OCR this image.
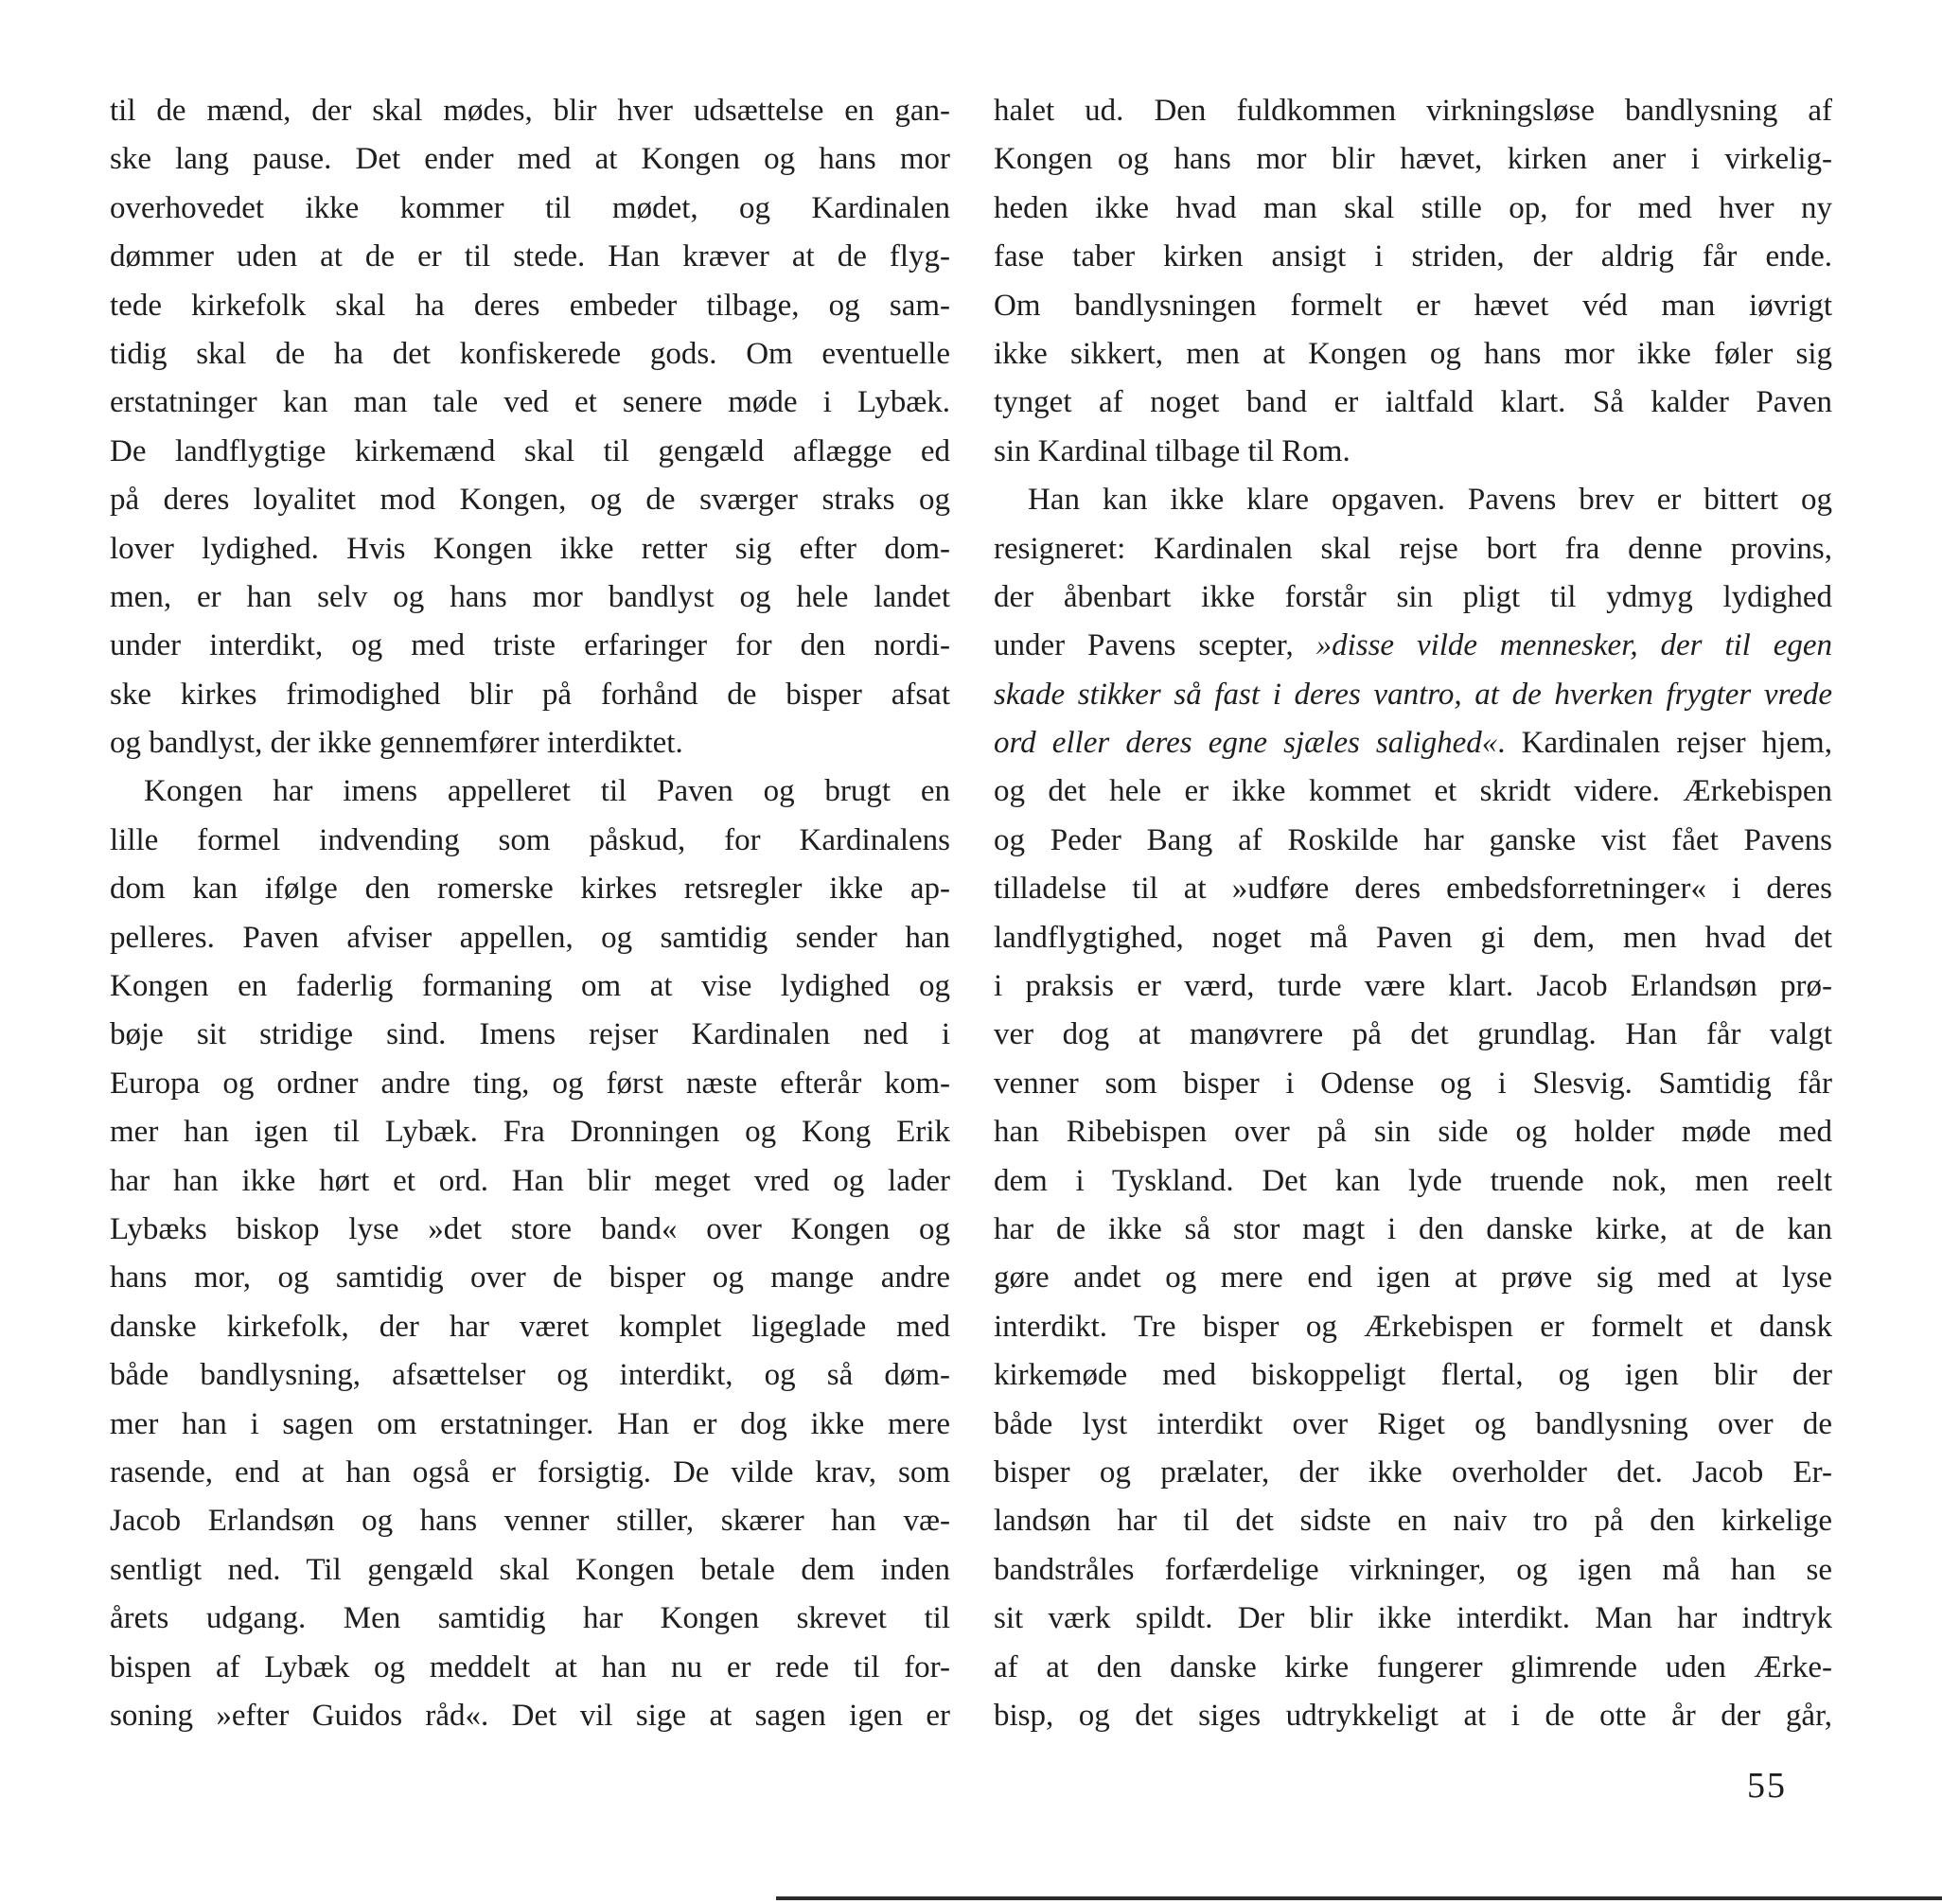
til de mænd, der skal mødes, blir hver udsættelse en gan-
ske lang pause. Det ender med at Kongen og hans mor
overhovedet ikke kommer til mødet, og Kardinalen
dømmer uden at de er til stede. Han kræver at de flyg-
tede kirkefolk skal ha deres embeder tilbage, og sam-
tidig skal de ha det konfiskerede gods. Om eventuelle
erstatninger kan man tale ved et senere møde i Lybæk.
De landflygtige kirkemænd skal til gengæld aflægge ed
på deres loyalitet mod Kongen, og de sværger straks og
lover lydighed. Hvis Kongen ikke retter sig efter dom-
men, er han selv og hans mor bandlyst og hele landet
under interdikt, og med triste erfaringer for den nordi-
ske kirkes frimodighed blir på forhånd de bisper afsat
og bandlyst, der ikke gennemfører interdiktet.
Kongen har imens appelleret til Paven og brugt en
lille formel indvending som påskud, for Kardinalens
dom kan ifølge den romerske kirkes retsregler ikke ap-
pelleres. Paven afviser appellen, og samtidig sender han
Kongen en faderlig formaning om at vise lydighed og
bøje sit stridige sind. Imens rejser Kardinalen ned i
Europa og ordner andre ting, og først næste efterår kom-
mer han igen til Lybæk. Fra Dronningen og Kong Erik
har han ikke hørt et ord. Han blir meget vred og lader
Lybæks biskop lyse »det store band« over Kongen og
hans mor, og samtidig over de bisper og mange andre
danske kirkefolk, der har været komplet ligeglade med
både bandlysning, afsættelser og interdikt, og så døm-
mer han i sagen om erstatninger. Han er dog ikke mere
rasende, end at han også er forsigtig. De vilde krav, som
Jacob Erlandsøn og hans venner stiller, skærer han væ-
sentligt ned. Til gengæld skal Kongen betale dem inden
årets udgang. Men samtidig har Kongen skrevet til
bispen af Lybæk og meddelt at han nu er rede til for-
soning »efter Guidos råd«. Det vil sige at sagen igen er
halet ud. Den fuldkommen virkningsløse bandlysning af
Kongen og hans mor blir hævet, kirken aner i virkelig-
heden ikke hvad man skal stille op, for med hver ny
fase taber kirken ansigt i striden, der aldrig får ende.
Om bandlysningen formelt er hævet véd man iøvrigt
ikke sikkert, men at Kongen og hans mor ikke føler sig
tynget af noget band er ialtfald klart. Så kalder Paven
sin Kardinal tilbage til Rom.
Han kan ikke klare opgaven. Pavens brev er bittert og
resigneret: Kardinalen skal rejse bort fra denne provins,
der åbenbart ikke forstår sin pligt til ydmyg lydighed
under Pavens scepter, »disse vilde mennesker, der til egen
skade stikker så fast i deres vantro, at de hverken frygter vrede
ord eller deres egne sjæles salighed«. Kardinalen rejser hjem,
og det hele er ikke kommet et skridt videre. Ærkebispen
og Peder Bang af Roskilde har ganske vist fået Pavens
tilladelse til at »udføre deres embedsforretninger« i deres
landflygtighed, noget må Paven gi dem, men hvad det
i praksis er værd, turde være klart. Jacob Erlandsøn prø-
ver dog at manøvrere på det grundlag. Han får valgt
venner som bisper i Odense og i Slesvig. Samtidig får
han Ribebispen over på sin side og holder møde med
dem i Tyskland. Det kan lyde truende nok, men reelt
har de ikke så stor magt i den danske kirke, at de kan
gøre andet og mere end igen at prøve sig med at lyse
interdikt. Tre bisper og Ærkebispen er formelt et dansk
kirkemøde med biskoppeligt flertal, og igen blir der
både lyst interdikt over Riget og bandlysning over de
bisper og prælater, der ikke overholder det. Jacob Er-
landsøn har til det sidste en naiv tro på den kirkelige
bandstråles forfærdelige virkninger, og igen må han se
sit værk spildt. Der blir ikke interdikt. Man har indtryk
af at den danske kirke fungerer glimrende uden Ærke-
bisp, og det siges udtrykkeligt at i de otte år der går,
55
